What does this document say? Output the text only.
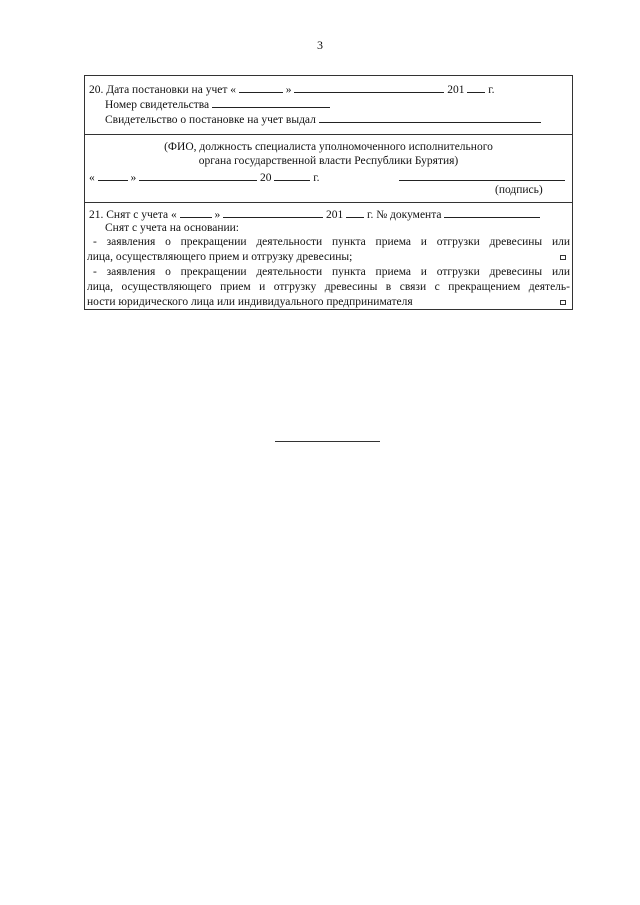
3
20. Дата постановки на учет «	»	201 г.
Номер свидетельства
Свидетельство о постановке на учет выдал
(ФИО, должность специалиста уполномоченного исполнительного
органа государственной власти Республики Бурятия)
«	»	20	г.
(подпись)
21. Снят с учета «	»	201 г. № документа
Снят с учета на основании:
- заявления о прекращении деятельности пункта приема и отгрузки древесины или
лица, осуществляющего прием и отгрузку древесины;
- заявления о прекращении деятельности пункта приема и отгрузки древесины или
лица, осуществляющего прием и отгрузку древесины в связи с прекращением деятель-
ности юридического лица или индивидуального предпринимателя
